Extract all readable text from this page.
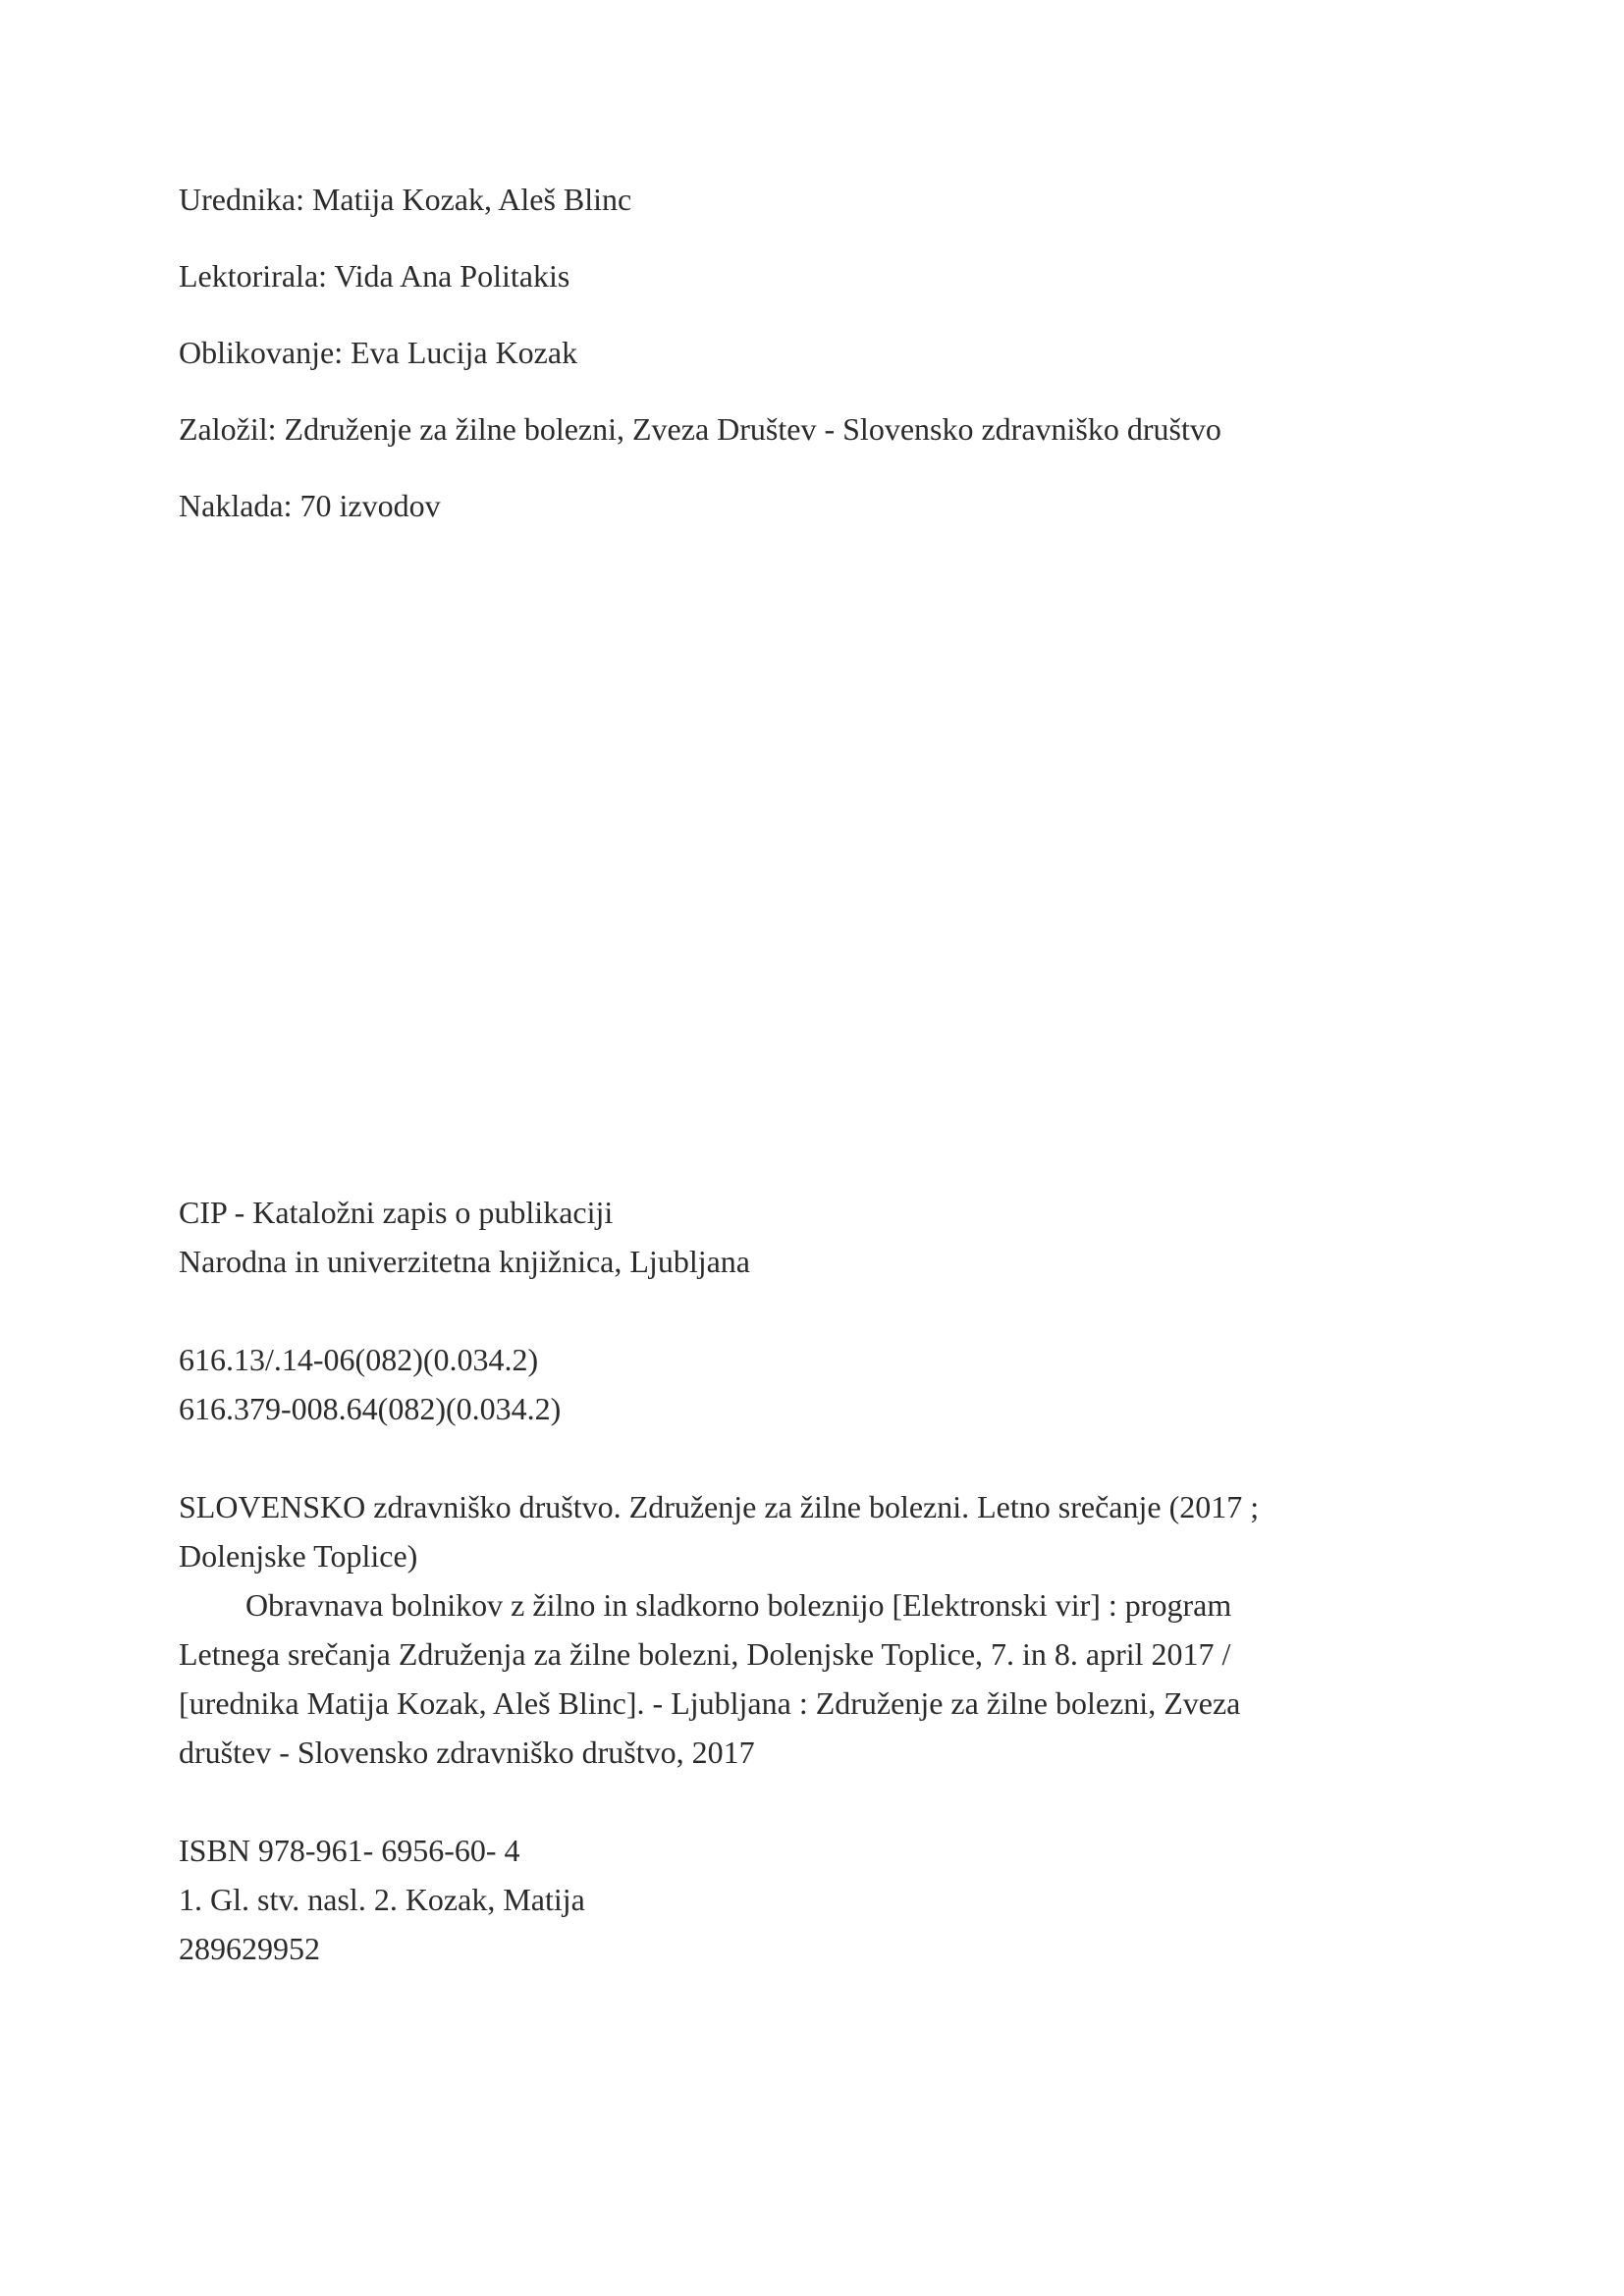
Urednika: Matija Kozak, Aleš Blinc
Lektorirala: Vida Ana Politakis
Oblikovanje: Eva Lucija Kozak
Založil: Združenje za žilne bolezni, Zveza Društev - Slovensko zdravniško društvo
Naklada: 70 izvodov
CIP - Kataložni zapis o publikaciji
Narodna in univerzitetna knjižnica, Ljubljana
616.13/.14-06(082)(0.034.2)
616.379-008.64(082)(0.034.2)
SLOVENSKO zdravniško društvo. Združenje za žilne bolezni. Letno srečanje (2017 ;
Dolenjske Toplice)
Obravnava bolnikov z žilno in sladkorno boleznijo [Elektronski vir] : program
Letnega srečanja Združenja za žilne bolezni, Dolenjske Toplice, 7. in 8. april 2017 /
[urednika Matija Kozak, Aleš Blinc]. - Ljubljana : Združenje za žilne bolezni, Zveza
društev - Slovensko zdravniško društvo, 2017
ISBN 978-961- 6956-60- 4
1. Gl. stv. nasl. 2. Kozak, Matija
289629952
